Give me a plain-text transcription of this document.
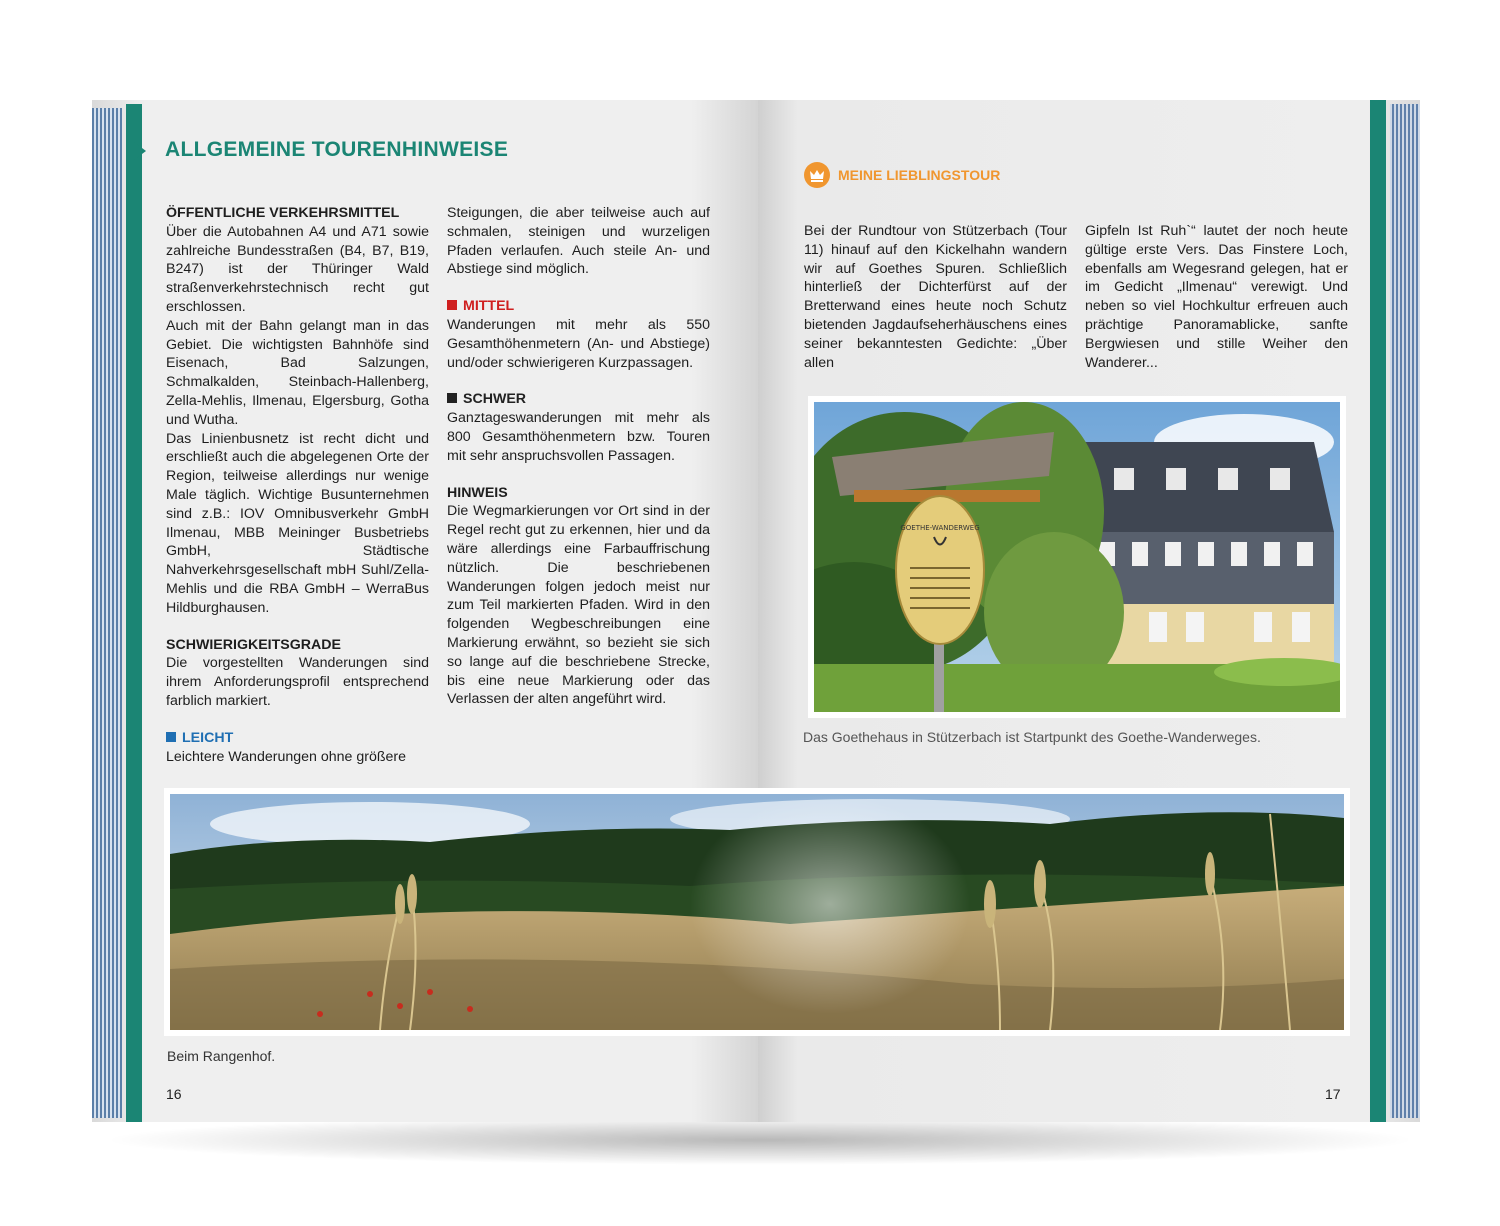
ALLGEMEINE TOURENHINWEISE

ÖFFENTLICHE VERKEHRSMITTEL

Über die Autobahnen A4 und A71 sowie zahlreiche Bundesstraßen (B4, B7, B19, B247) ist der Thüringer Wald straßenverkehrstechnisch recht gut erschlossen.

Auch mit der Bahn gelangt man in das Gebiet. Die wichtigsten Bahnhöfe sind Eisenach, Bad Salzungen, Schmalkalden, Steinbach-Hallenberg, Zella-Mehlis, Ilmenau, Elgersburg, Gotha und Wutha.

Das Linienbusnetz ist recht dicht und erschließt auch die abgelegenen Orte der Region, teilweise allerdings nur wenige Male täglich. Wichtige Busunternehmen sind z.B.: IOV Omnibusverkehr GmbH Ilmenau, MBB Meininger Busbetriebs GmbH, Städtische Nahverkehrsgesellschaft mbH Suhl/Zella-Mehlis und die RBA GmbH – WerraBus Hildburghausen.

SCHWIERIGKEITSGRADE

Die vorgestellten Wanderungen sind ihrem Anforderungsprofil entsprechend farblich markiert.

LEICHT

Leichtere Wanderungen ohne größere

Steigungen, die aber teilweise auch auf schmalen, steinigen und wurzeligen Pfaden verlaufen. Auch steile An- und Abstiege sind möglich.

MITTEL

Wanderungen mit mehr als 550 Gesamthöhenmetern (An- und Abstiege) und/oder schwierigeren Kurzpassagen.

SCHWER

Ganztageswanderungen mit mehr als 800 Gesamthöhenmetern bzw. Touren mit sehr anspruchsvollen Passagen.

HINWEIS

Die Wegmarkierungen vor Ort sind in der Regel recht gut zu erkennen, hier und da wäre allerdings eine Farbauffrischung nützlich. Die beschriebenen Wanderungen folgen jedoch meist nur zum Teil markierten Pfaden. Wird in den folgenden Wegbeschreibungen eine Markierung erwähnt, so bezieht sie sich so lange auf die beschriebene Strecke, bis eine neue Markierung oder das Verlassen der alten angeführt wird.

MEINE LIEBLINGSTOUR

Bei der Rundtour von Stützerbach (Tour 11) hinauf auf den Kickelhahn wandern wir auf Goethes Spuren. Schließlich hinterließ der Dichterfürst auf der Bretterwand eines heute noch Schutz bietenden Jagdaufseherhäuschens eines seiner bekanntesten Gedichte: „Über allen

Gipfeln Ist Ruh`“ lautet der noch heute gültige erste Vers. Das Finstere Loch, ebenfalls am Wegesrand gelegen, hat er im Gedicht „Ilmenau“ verewigt. Und neben so viel Hochkultur erfreuen auch prächtige Panoramablicke, sanfte Bergwiesen und stille Weiher den Wanderer...

GOETHE-WANDERWEG
Das Goethehaus in Stützerbach ist Startpunkt des Goethe-Wanderweges.
Beim Rangenhof.
16	17
